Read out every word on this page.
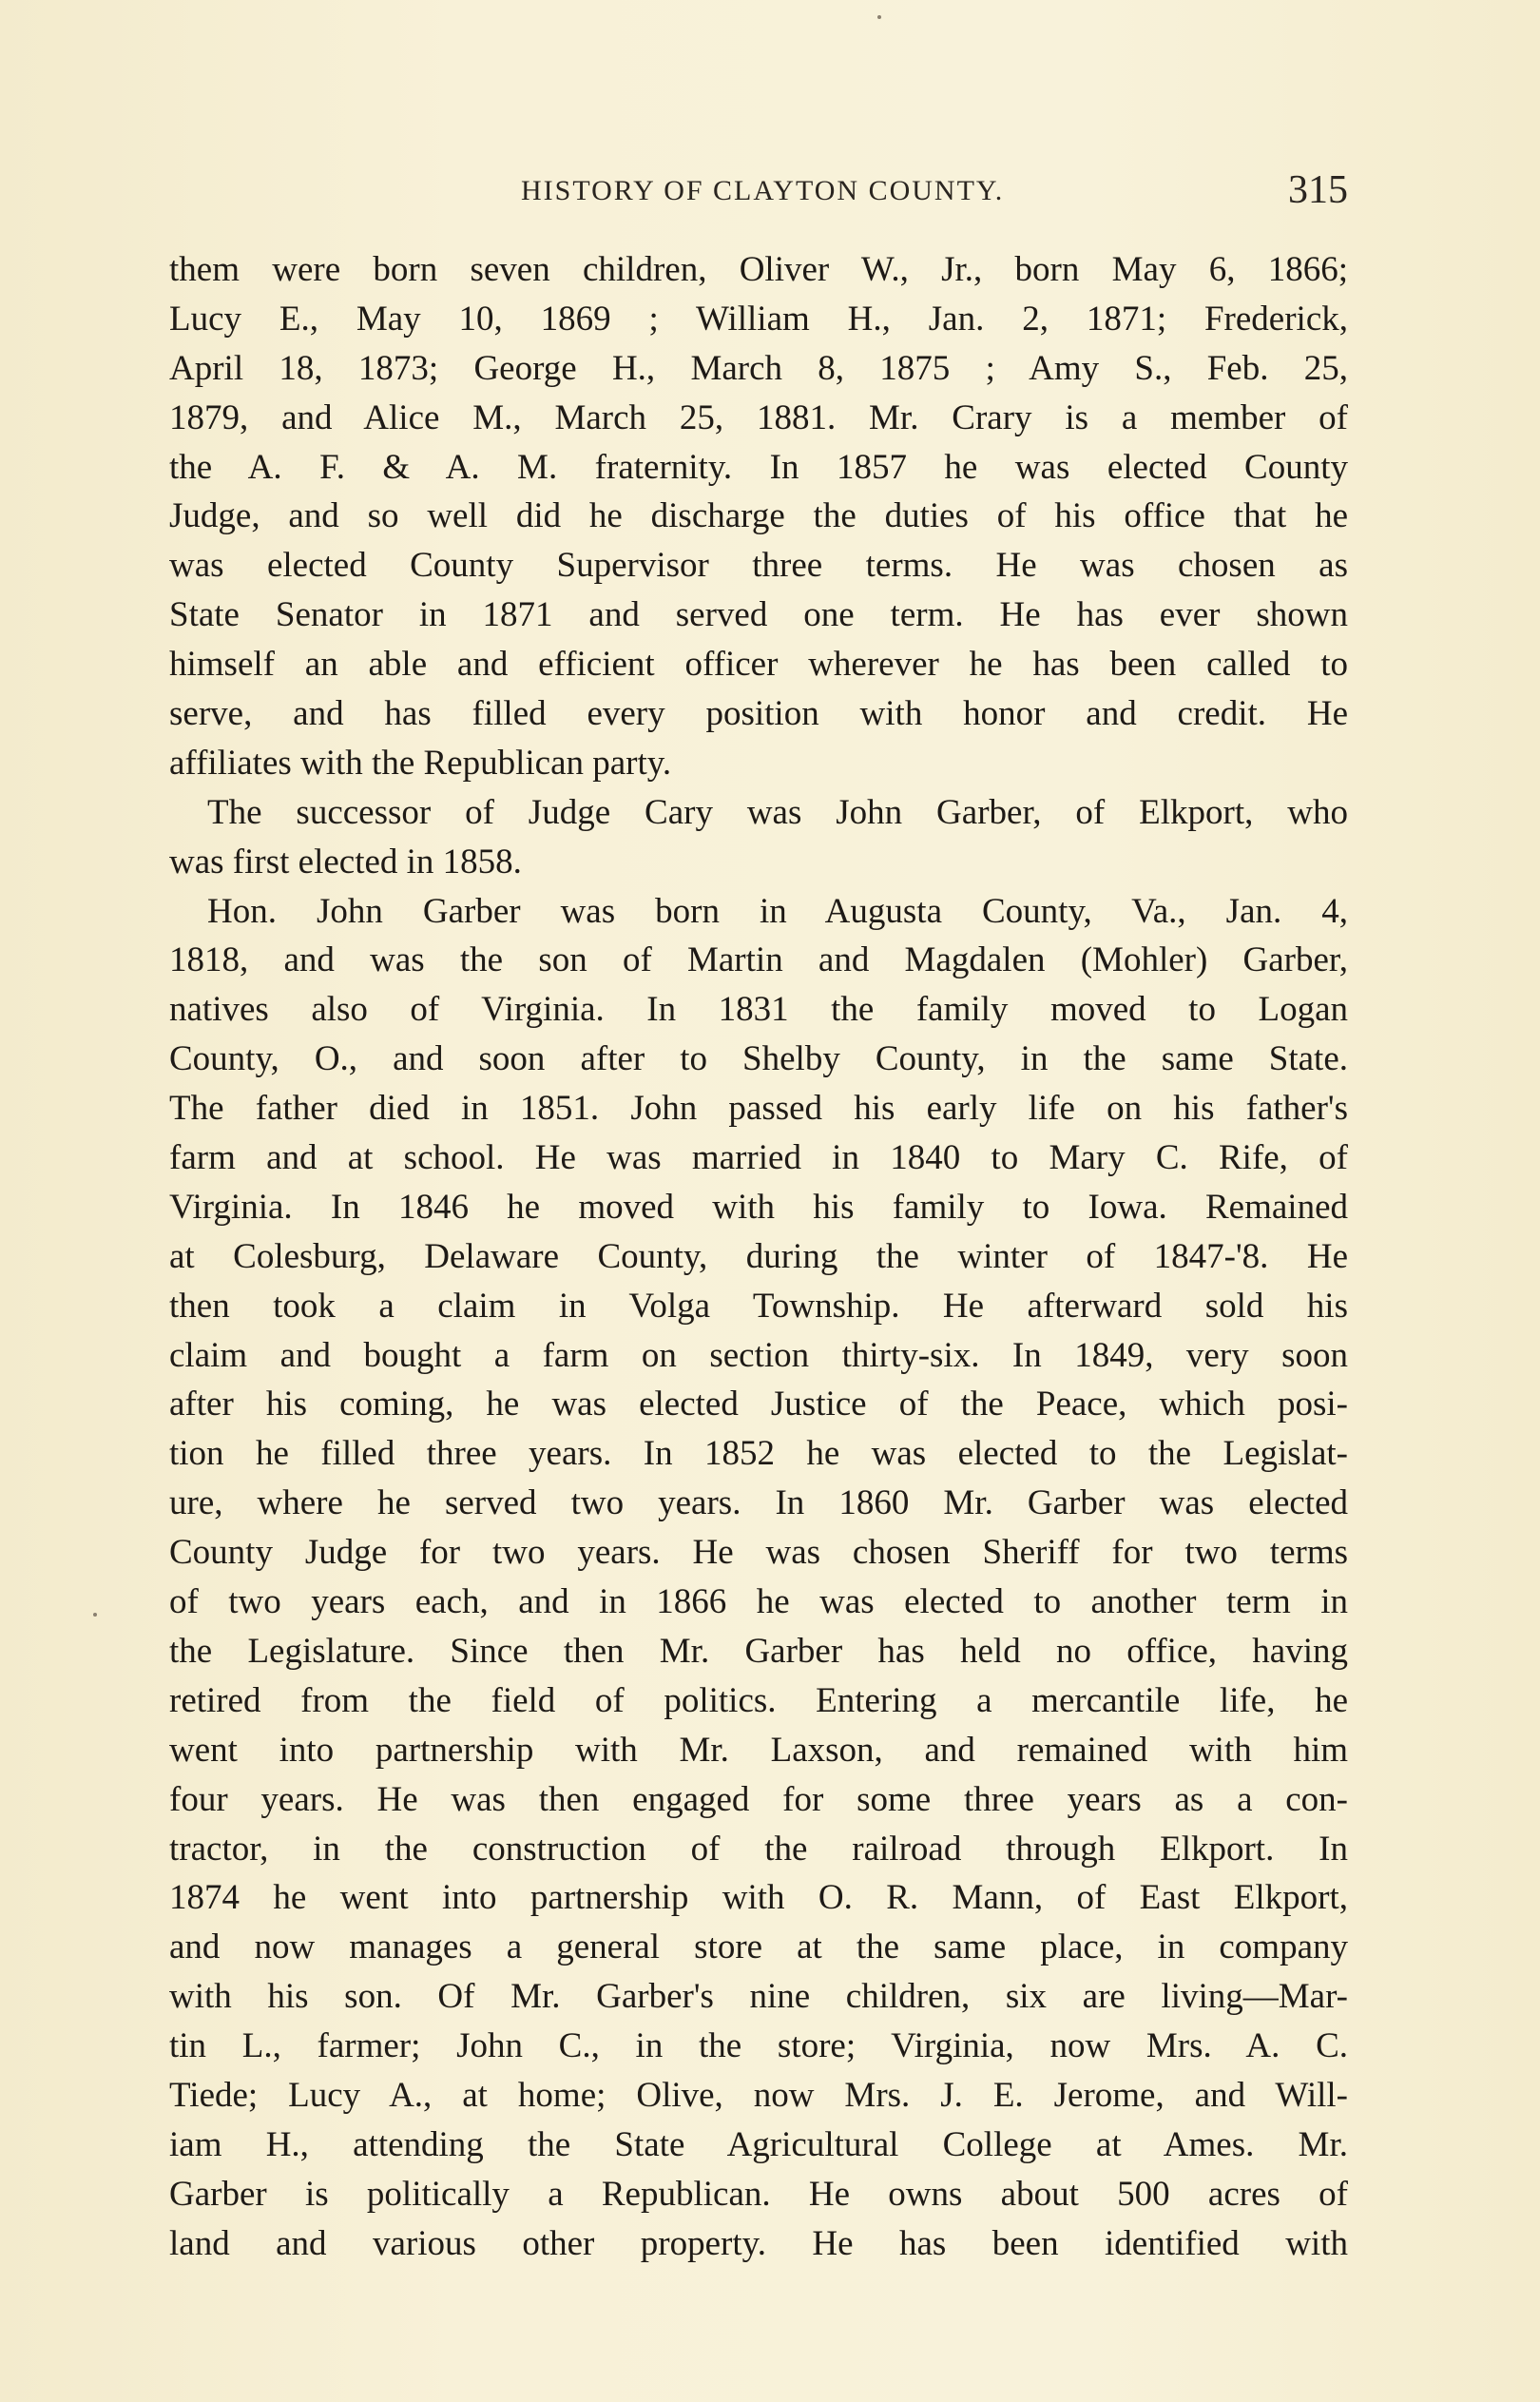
HISTORY OF CLAYTON COUNTY.	315
them were born seven children, Oliver W., Jr., born May 6, 1866;
Lucy E., May 10, 1869 ; William H., Jan. 2, 1871; Frederick,
April 18, 1873; George H., March 8, 1875 ; Amy S., Feb. 25,
1879, and Alice M., March 25, 1881. Mr. Crary is a member of
the A. F. & A. M. fraternity. In 1857 he was elected County
Judge, and so well did he discharge the duties of his office that he
was elected County Supervisor three terms. He was chosen as
State Senator in 1871 and served one term. He has ever shown
himself an able and efficient officer wherever he has been called to
serve, and has filled every position with honor and credit. He
affiliates with the Republican party.
The successor of Judge Cary was John Garber, of Elkport, who
was first elected in 1858.
Hon. John Garber was born in Augusta County, Va., Jan. 4,
1818, and was the son of Martin and Magdalen (Mohler) Garber,
natives also of Virginia. In 1831 the family moved to Logan
County, O., and soon after to Shelby County, in the same State.
The father died in 1851. John passed his early life on his father's
farm and at school. He was married in 1840 to Mary C. Rife, of
Virginia. In 1846 he moved with his family to Iowa. Remained
at Colesburg, Delaware County, during the winter of 1847-'8. He
then took a claim in Volga Township. He afterward sold his
claim and bought a farm on section thirty-six. In 1849, very soon
after his coming, he was elected Justice of the Peace, which posi-
tion he filled three years. In 1852 he was elected to the Legislat-
ure, where he served two years. In 1860 Mr. Garber was elected
County Judge for two years. He was chosen Sheriff for two terms
of two years each, and in 1866 he was elected to another term in
the Legislature. Since then Mr. Garber has held no office, having
retired from the field of politics. Entering a mercantile life, he
went into partnership with Mr. Laxson, and remained with him
four years. He was then engaged for some three years as a con-
tractor, in the construction of the railroad through Elkport. In
1874 he went into partnership with O. R. Mann, of East Elkport,
and now manages a general store at the same place, in company
with his son. Of Mr. Garber's nine children, six are living—Mar-
tin L., farmer; John C., in the store; Virginia, now Mrs. A. C.
Tiede; Lucy A., at home; Olive, now Mrs. J. E. Jerome, and Will-
iam H., attending the State Agricultural College at Ames. Mr.
Garber is politically a Republican. He owns about 500 acres of
land and various other property. He has been identified with
